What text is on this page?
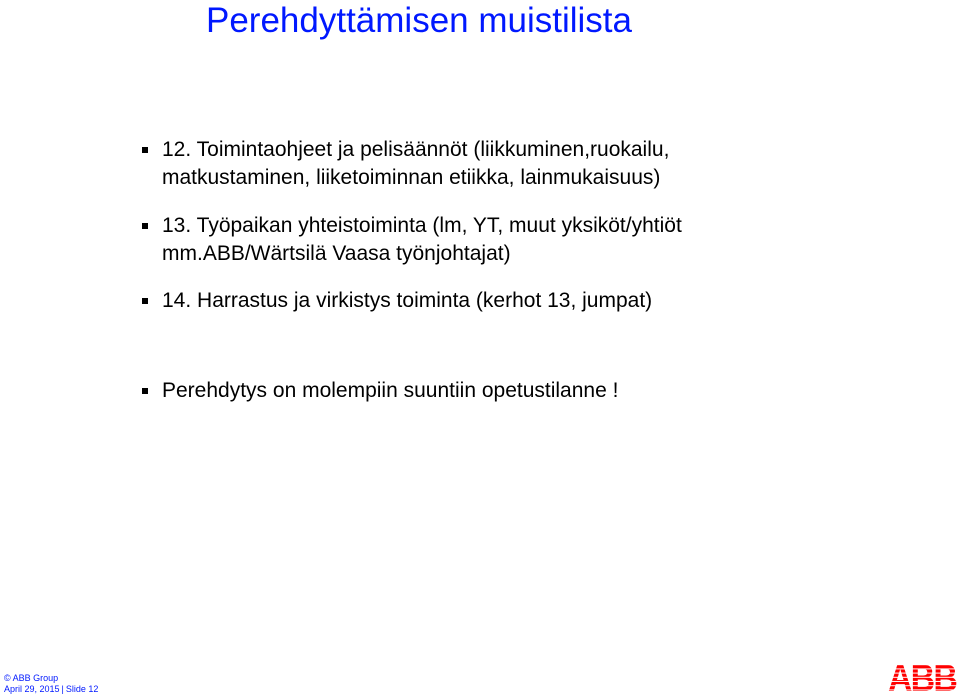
Perehdyttämisen muistilista
12. Toimintaohjeet ja pelisäännöt (liikkuminen,ruokailu,
matkustaminen, liiketoiminnan etiikka, lainmukaisuus)
13. Työpaikan yhteistoiminta (lm, YT, muut yksiköt/yhtiöt
mm.ABB/Wärtsilä Vaasa työnjohtajat)
14. Harrastus ja virkistys toiminta (kerhot 13, jumpat)
Perehdytys on molempiin suuntiin opetustilanne !
© ABB Group
April 29, 2015 | Slide 12	ABB
